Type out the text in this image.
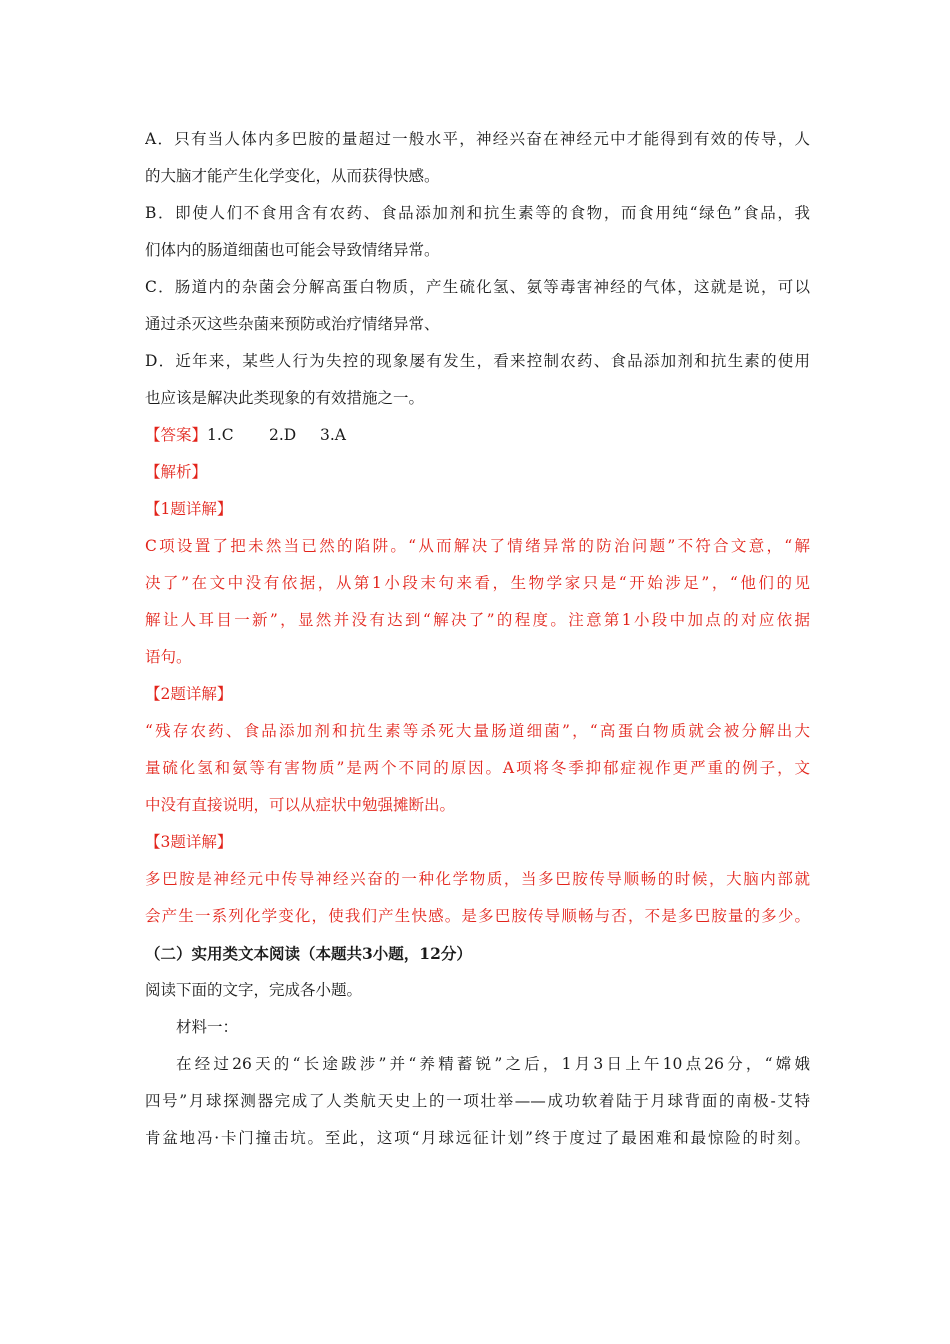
A．只有当人体内多巴胺的量超过一般水平，神经兴奋在神经元中才能得到有效的传导，人
的大脑才能产生化学变化，从而获得快感。
B．即使人们不食用含有农药、食品添加剂和抗生素等的食物，而食用纯“绿色”食品，我
们体内的肠道细菌也可能会导致情绪异常。
C．肠道内的杂菌会分解高蛋白物质，产生硫化氢、氨等毒害神经的气体，这就是说，可以
通过杀灭这些杂菌来预防或治疗情绪异常、
D．近年来，某些人行为失控的现象屡有发生，看来控制农药、食品添加剂和抗生素的使用
也应该是解决此类现象的有效措施之一。
【答案】1.C 2.D 3.A
【解析】
【1题详解】
C项设置了把未然当已然的陷阱。“从而解决了情绪异常的防治问题”不符合文意，“解
决了”在文中没有依据，从第1小段末句来看，生物学家只是“开始涉足”，“他们的见
解让人耳目一新”，显然并没有达到“解决了”的程度。注意第1小段中加点的对应依据
语句。
【2题详解】
“残存农药、食品添加剂和抗生素等杀死大量肠道细菌”，“高蛋白物质就会被分解出大
量硫化氢和氨等有害物质”是两个不同的原因。A项将冬季抑郁症视作更严重的例子，文
中没有直接说明，可以从症状中勉强摊断出。
【3题详解】
多巴胺是神经元中传导神经兴奋的一种化学物质，当多巴胺传导顺畅的时候，大脑内部就
会产生一系列化学变化，使我们产生快感。是多巴胺传导顺畅与否，不是多巴胺量的多少。
（二）实用类文本阅读（本题共3小题，12分）
阅读下面的文字，完成各小题。
材料一：
在经过26天的“长途跋涉”并“养精蓄锐”之后，1月3日上午10点26分，“嫦娥
四号”月球探测器完成了人类航天史上的一项壮举——成功软着陆于月球背面的南极-艾特
肯盆地冯·卡门撞击坑。至此，这项“月球远征计划”终于度过了最困难和最惊险的时刻。
